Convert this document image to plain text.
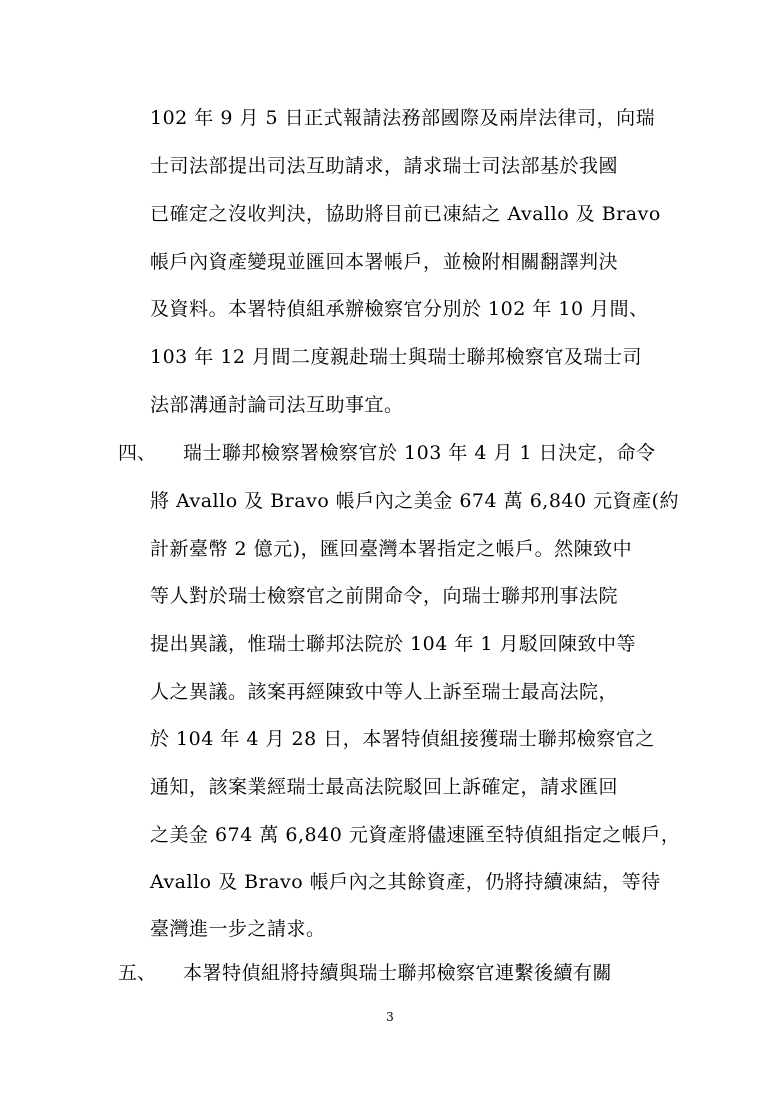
102 年 9 月 5 日正式報請法務部國際及兩岸法律司，向瑞
士司法部提出司法互助請求，請求瑞士司法部基於我國
已確定之沒收判決，協助將目前已凍結之 Avallo 及 Bravo
帳戶內資產變現並匯回本署帳戶，並檢附相關翻譯判決
及資料。本署特偵組承辦檢察官分別於 102 年 10 月間、
103 年 12 月間二度親赴瑞士與瑞士聯邦檢察官及瑞士司
法部溝通討論司法互助事宜。
四、 瑞士聯邦檢察署檢察官於 103 年 4 月 1 日決定，命令
將 Avallo 及 Bravo 帳戶內之美金 674 萬 6,840 元資產(約
計新臺幣 2 億元)，匯回臺灣本署指定之帳戶。然陳致中
等人對於瑞士檢察官之前開命令，向瑞士聯邦刑事法院
提出異議，惟瑞士聯邦法院於 104 年 1 月駁回陳致中等
人之異議。該案再經陳致中等人上訴至瑞士最高法院，
於 104 年 4 月 28 日，本署特偵組接獲瑞士聯邦檢察官之
通知，該案業經瑞士最高法院駁回上訴確定，請求匯回
之美金 674 萬 6,840 元資產將儘速匯至特偵組指定之帳戶，
Avallo 及 Bravo 帳戶內之其餘資產，仍將持續凍結，等待
臺灣進一步之請求。
五、 本署特偵組將持續與瑞士聯邦檢察官連繫後續有關
3
